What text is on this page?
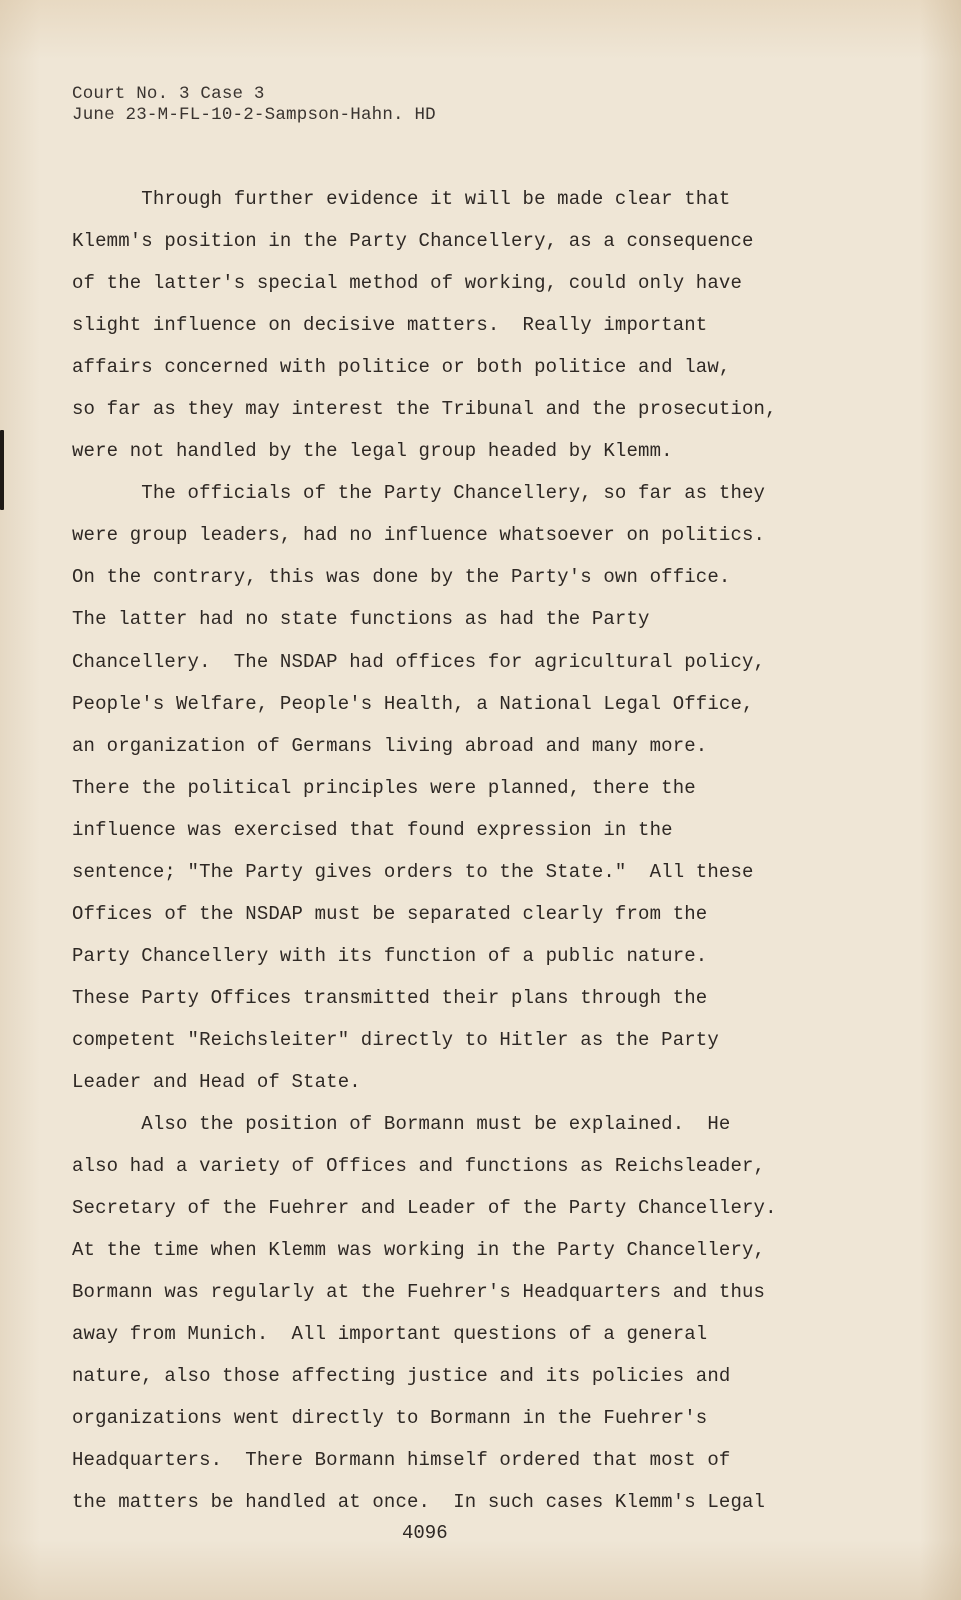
Court No. 3 Case 3
June 23-M-FL-10-2-Sampson-Hahn. HD
Through further evidence it will be made clear that
Klemm's position in the Party Chancellery, as a consequence
of the latter's special method of working, could only have
slight influence on decisive matters.  Really important
affairs concerned with politice or both politice and law,
so far as they may interest the Tribunal and the prosecution,
were not handled by the legal group headed by Klemm.
The officials of the Party Chancellery, so far as they
were group leaders, had no influence whatsoever on politics.
On the contrary, this was done by the Party's own office.
The latter had no state functions as had the Party
Chancellery.  The NSDAP had offices for agricultural policy,
People's Welfare, People's Health, a National Legal Office,
an organization of Germans living abroad and many more.
There the political principles were planned, there the
influence was exercised that found expression in the
sentence; "The Party gives orders to the State."  All these
Offices of the NSDAP must be separated clearly from the
Party Chancellery with its function of a public nature.
These Party Offices transmitted their plans through the
competent "Reichsleiter" directly to Hitler as the Party
Leader and Head of State.
Also the position of Bormann must be explained.  He
also had a variety of Offices and functions as Reichsleader,
Secretary of the Fuehrer and Leader of the Party Chancellery.
At the time when Klemm was working in the Party Chancellery,
Bormann was regularly at the Fuehrer's Headquarters and thus
away from Munich.  All important questions of a general
nature, also those affecting justice and its policies and
organizations went directly to Bormann in the Fuehrer's
Headquarters.  There Bormann himself ordered that most of
the matters be handled at once.  In such cases Klemm's Legal
4096
